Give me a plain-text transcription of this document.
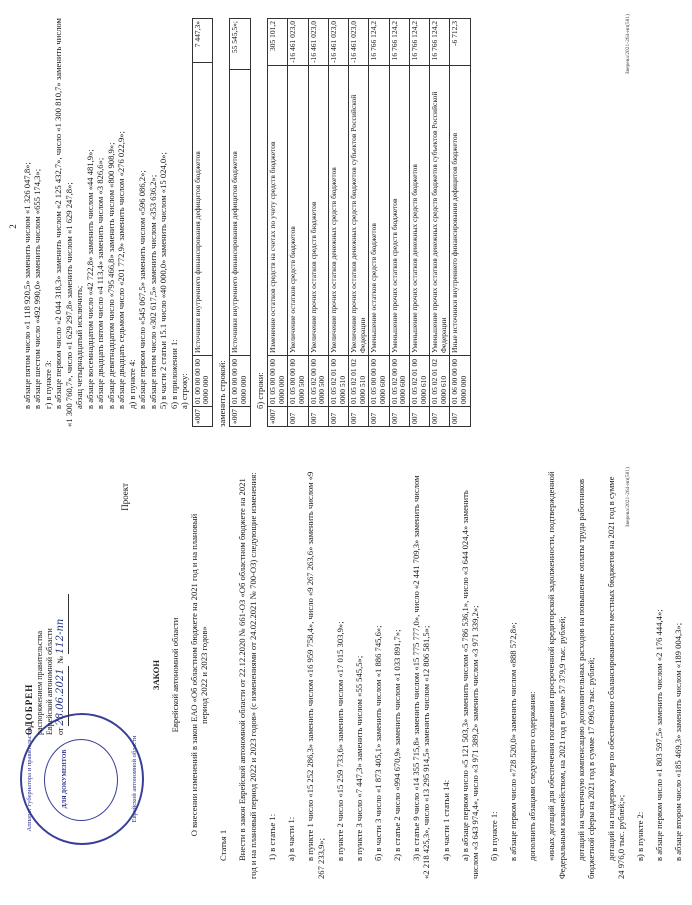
Аппарат губернатора и правительства	ДЛЯ ДОКУМЕНТОВ	Еврейской автономной области
ОДОБРЕН распоряжением правительства Еврейской автономной области от 28.06.2021 № 112-пп
Проект

ЗАКОН Еврейской автономной области О внесении изменений в закон ЕАО «Об областном бюджете на 2021 год и на плановый период 2022 и 2023 годов»

Статья 1 Внести в закон Еврейской автономной области от 22.12.2020 № 661-ОЗ «Об областном бюджете на 2021 год и на плановый период 2022 и 2023 годов» (с изменениями от 24.02.2021 № 700-ОЗ) следующие изменения: 1) в статье 1: а) в части 1: в пункте 1 число «15 252 286,3» заменить числом «16 959 758,4», число «9 267 263,6» заменить числом «9 267 233,9»; в пункте 2 число «15 259 733,6» заменить числом «17 015 303,9»; в пункте 3 число «7 447,3» заменить числом «55 545,5»; б) в части 3 число «1 873 405,1» заменить числом «1 886 745,6»; 2) в статье 2 число «994 670,9» заменить числом «1 033 891,7»; 3) в статье 9 число «14 355 715,8» заменить числом «15 775 777,0», число «2 441 709,3» заменить числом «2 218 425,3», число «13 295 914,5» заменить числом «12 806 581,5»; 4) в части 1 статьи 14: а) в абзаце первом число «5 121 503,3» заменить числом «5 786 536,1», число «3 644 024,4» заменить числом «3 643 974,4», число «3 971 389,2» заменить числом «3 971 339,2»; б) в пункте 1: в абзаце первом число «728 520,0» заменить числом «888 572,8»; дополнить абзацами следующего содержания: «иных дотаций для обеспечения погашения просроченной кредиторской задолженности, подтвержденной Федеральным казначейством, на 2021 год в сумме 57 379,9 тыс. рублей; дотаций на частичную компенсацию дополнительных расходов на повышение оплаты труда работников бюджетной сферы на 2021 год в сумме 17 096,9 тыс. рублей; дотаций на поддержку мер по обеспечению сбалансированности местных бюджетов на 2021 год в сумме 24 976,0 тыс. рублей;»; в) в пункте 2: в абзаце первом число «1 803 597,5» заменить числом «2 176 444,4»; в абзаце втором число «185 469,3» заменить числом «189 004,3»;

Зверевa/2021-264-нп(581)
2 в абзаце пятом число «1 118 920,5» заменить числом «1 326 047,8»; в абзаце шестом число «492 990,0» заменить числом «655 174,3»; г) в пункте 3: в абзаце первом число «2 044 318,3» заменить числом «2 125 432,7», число «1 300 810,7» заменить числом «1 300 760,7», число «1 629 297,8» заменить числом «1 629 247,8»; абзац четырнадцатый исключить; в абзаце восемнадцатом число «42 722,8» заменить числом «44 481,9»; в абзаце двадцать пятом число «4 113,4» заменить числом «3 826,6»; в абзаце девятнадцатом число «795 466,8» заменить числом «800 908,9»; в абзаце двадцать седьмом число «201 772,9» заменить числом «276 022,9»; д) в пункте 4: в абзаце первом число «545 067,5» заменить числом «596 086,2»; в абзаце пятом число «302 617,5» заменить числом «353 636,2»; 5) в части 2 статьи 15.1 число «40 000,0» заменить числом «15 024,0»; 6) в приложении 1: а) строку:

«007	01 00 00 00 00 0000 000	Источники внутреннего финансирования дефицитов бюджетов	7 447,3»

заменить строкой: «007	01 00 00 00 00 0000 000	Источники внутреннего финансирования дефицитов бюджетов	55 545,5»;

б) строки:

«007	01 05 00 00 00 0000 000	Изменение остатков средств на счетах по учету средств бюджетов	305 101,2
007	01 05 00 00 00 0000 500	Увеличение остатков средств бюджетов	-16 461 023,0
007	01 05 02 00 00 0000 500	Увеличение прочих остатков средств бюджетов	-16 461 023,0
007	01 05 02 01 00 0000 510	Увеличение прочих остатков денежных средств бюджетов	-16 461 023,0
007	01 05 02 01 02 0000 510	Увеличение прочих остатков денежных средств бюджетов субъектов Российской Федерации	-16 461 023,0
007	01 05 00 00 00 0000 600	Уменьшение остатков средств бюджетов	16 766 124,2
007	01 05 02 00 00 0000 600	Уменьшение прочих остатков средств бюджетов	16 766 124,2
007	01 05 02 01 00 0000 610	Уменьшение прочих остатков денежных средств бюджетов	16 766 124,2
007	01 05 02 01 02 0000 610	Уменьшение прочих остатков денежных средств бюджетов субъектов Российской Федерации	16 766 124,2
007	01 06 00 00 00 0000 000	Иные источники внутреннего финансирования дефицитов бюджетов	-6 712,3	Зверевa/2021-264-нп(581)
